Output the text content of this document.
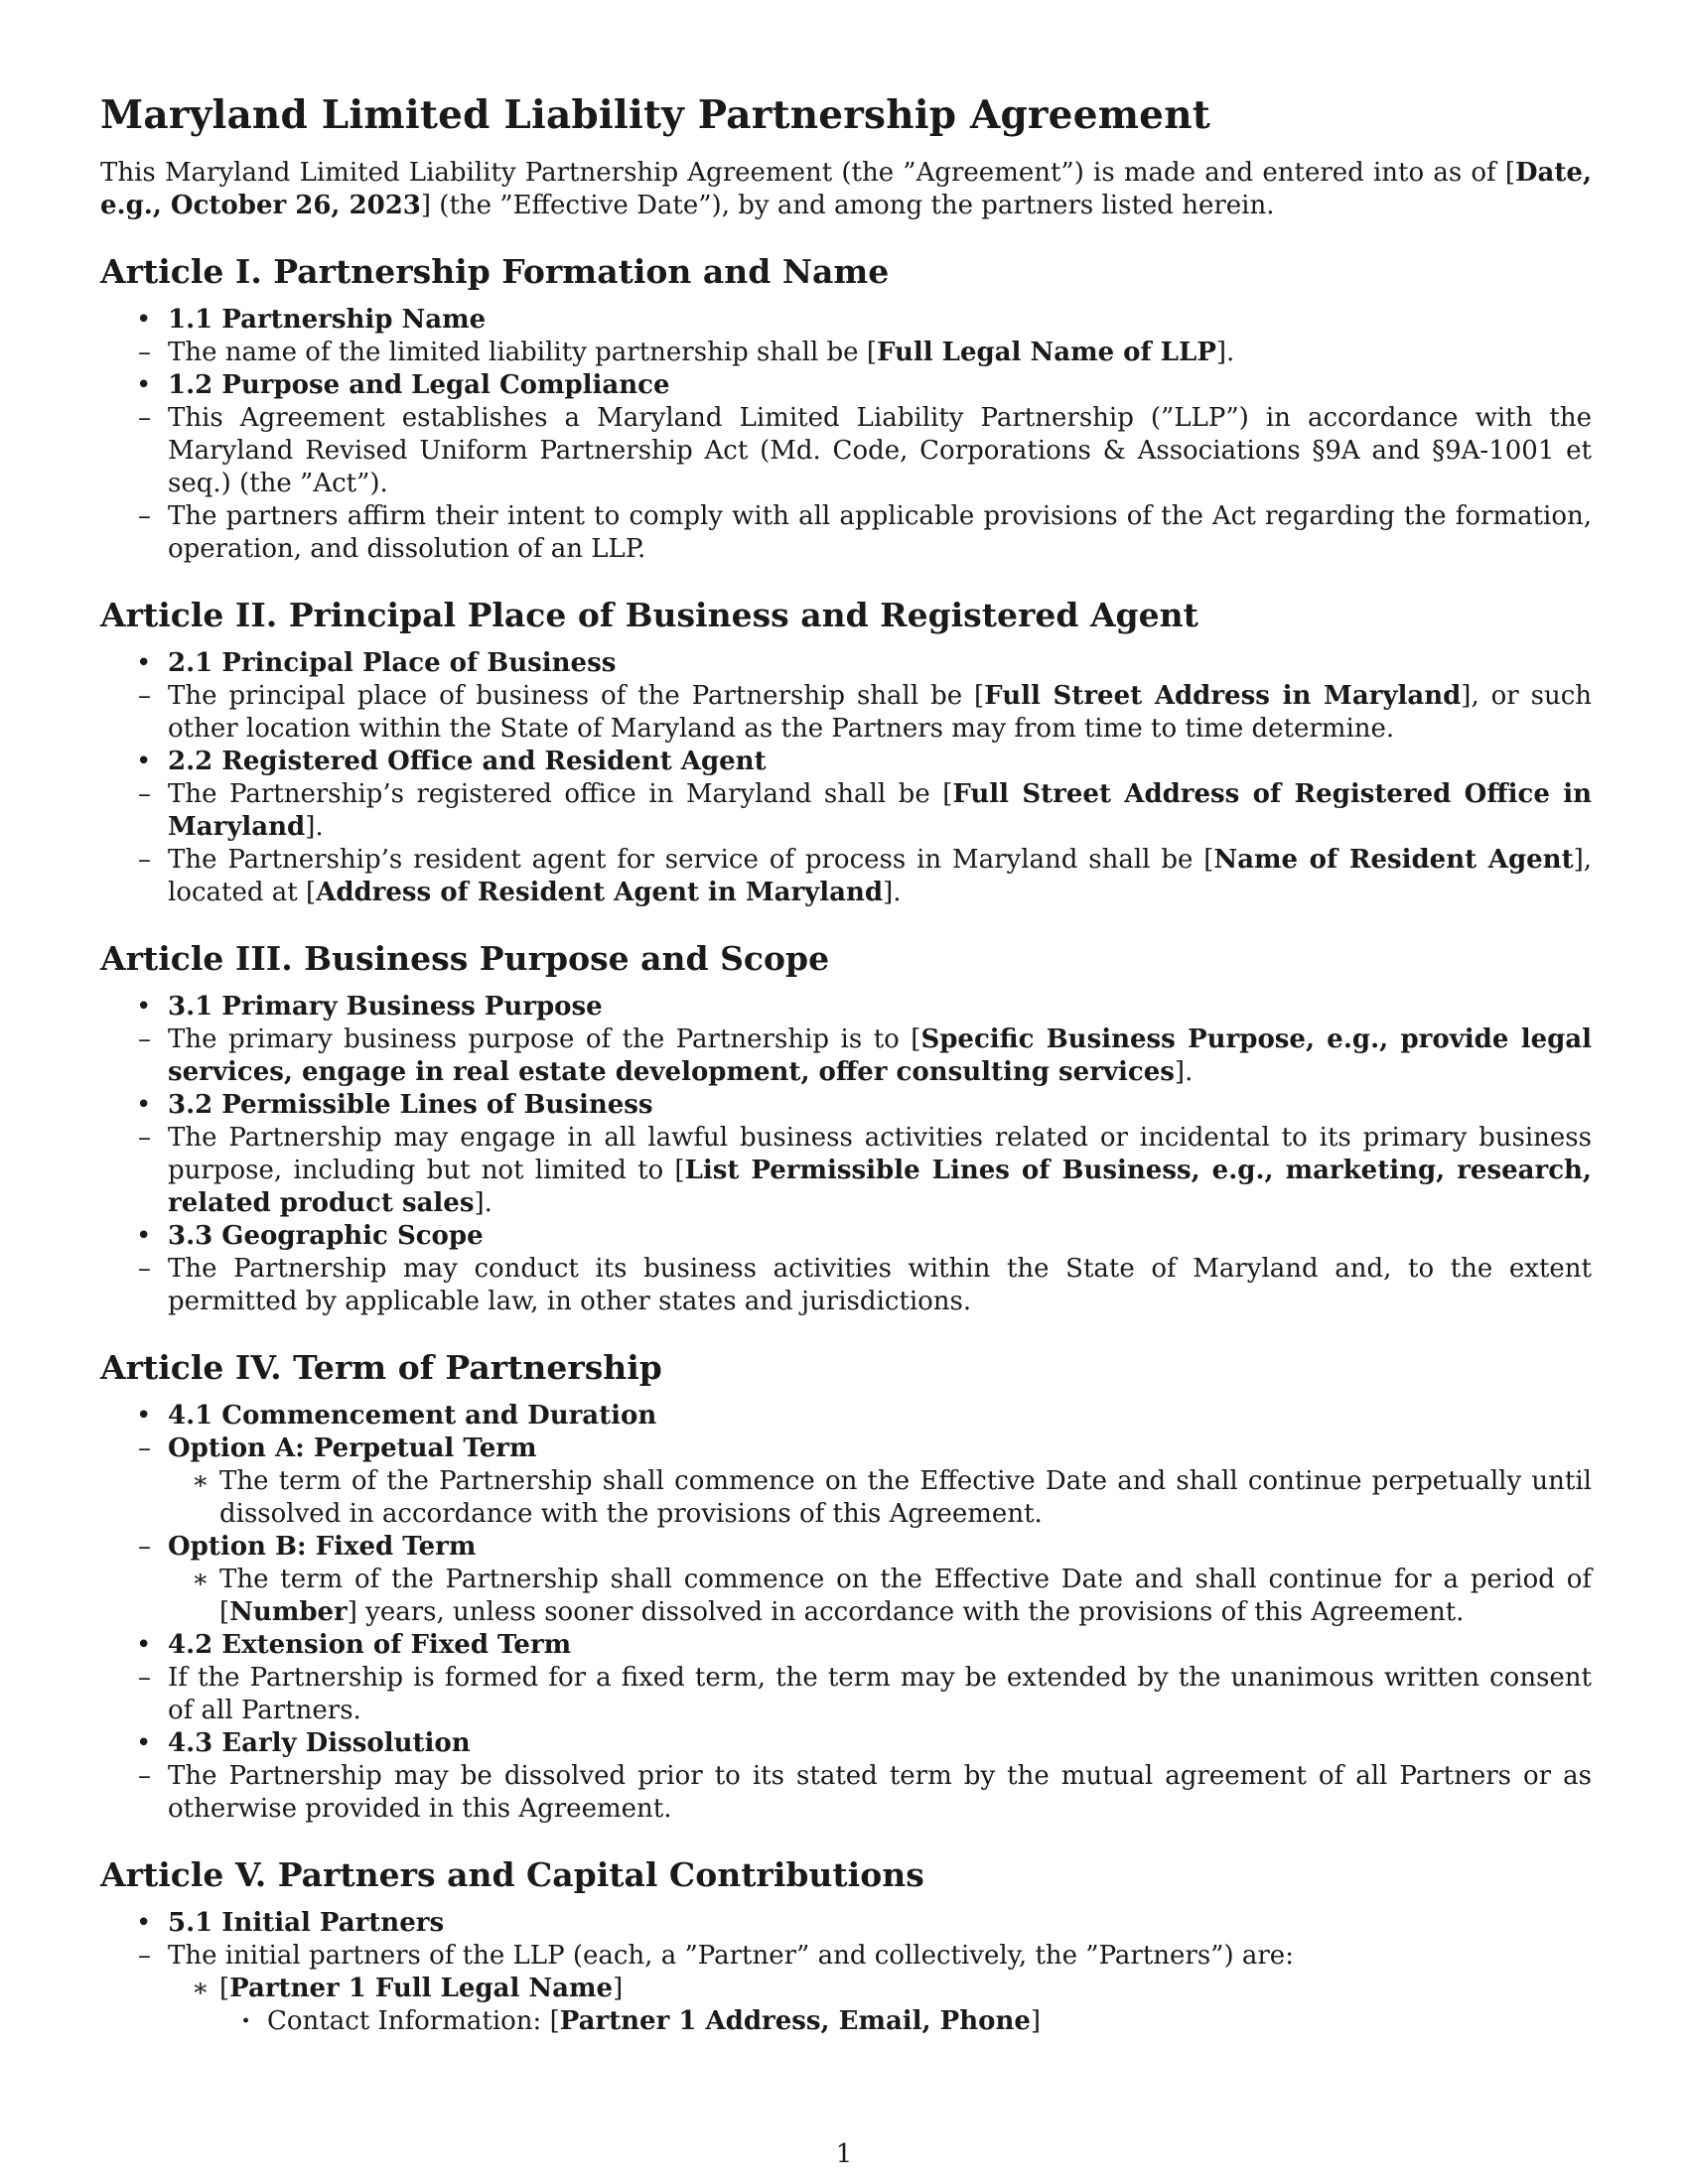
Maryland Limited Liability Partnership Agreement

This Maryland Limited Liability Partnership Agreement (the ”Agreement”) is made and entered into as of [Date, e.g., October 26, 2023] (the ”Effective Date”), by and among the partners listed herein.

Article I. Partnership Formation and Name
• 1.1 Partnership Name
– The name of the limited liability partnership shall be [Full Legal Name of LLP].
• 1.2 Purpose and Legal Compliance
– This Agreement establishes a Maryland Limited Liability Partnership (”LLP”) in accordance with the Maryland Revised Uniform Partnership Act (Md. Code, Corporations & Associations §9A and §9A-1001 et seq.) (the ”Act”).
– The partners affirm their intent to comply with all applicable provisions of the Act regarding the formation, operation, and dissolution of an LLP.
Article II. Principal Place of Business and Registered Agent
• 2.1 Principal Place of Business
– The principal place of business of the Partnership shall be [Full Street Address in Maryland], or such other location within the State of Maryland as the Partners may from time to time determine.
• 2.2 Registered Office and Resident Agent
– The Partnership’s registered office in Maryland shall be [Full Street Address of Registered Office in Maryland].
– The Partnership’s resident agent for service of process in Maryland shall be [Name of Resident Agent], located at [Address of Resident Agent in Maryland].
Article III. Business Purpose and Scope
• 3.1 Primary Business Purpose
– The primary business purpose of the Partnership is to [Specific Business Purpose, e.g., provide legal services, engage in real estate development, offer consulting services].
• 3.2 Permissible Lines of Business
– The Partnership may engage in all lawful business activities related or incidental to its primary business purpose, including but not limited to [List Permissible Lines of Business, e.g., marketing, research, related product sales].
• 3.3 Geographic Scope
– The Partnership may conduct its business activities within the State of Maryland and, to the extent permitted by applicable law, in other states and jurisdictions.
Article IV. Term of Partnership
• 4.1 Commencement and Duration
– Option A: Perpetual Term
∗ The term of the Partnership shall commence on the Effective Date and shall continue perpetually until dissolved in accordance with the provisions of this Agreement.
– Option B: Fixed Term
∗ The term of the Partnership shall commence on the Effective Date and shall continue for a period of [Number] years, unless sooner dissolved in accordance with the provisions of this Agreement.
• 4.2 Extension of Fixed Term
– If the Partnership is formed for a fixed term, the term may be extended by the unanimous written consent of all Partners.
• 4.3 Early Dissolution
– The Partnership may be dissolved prior to its stated term by the mutual agreement of all Partners or as otherwise provided in this Agreement.
Article V. Partners and Capital Contributions
• 5.1 Initial Partners
– The initial partners of the LLP (each, a ”Partner” and collectively, the ”Partners”) are:
∗ [Partner 1 Full Legal Name]
· Contact Information: [Partner 1 Address, Email, Phone]
1
